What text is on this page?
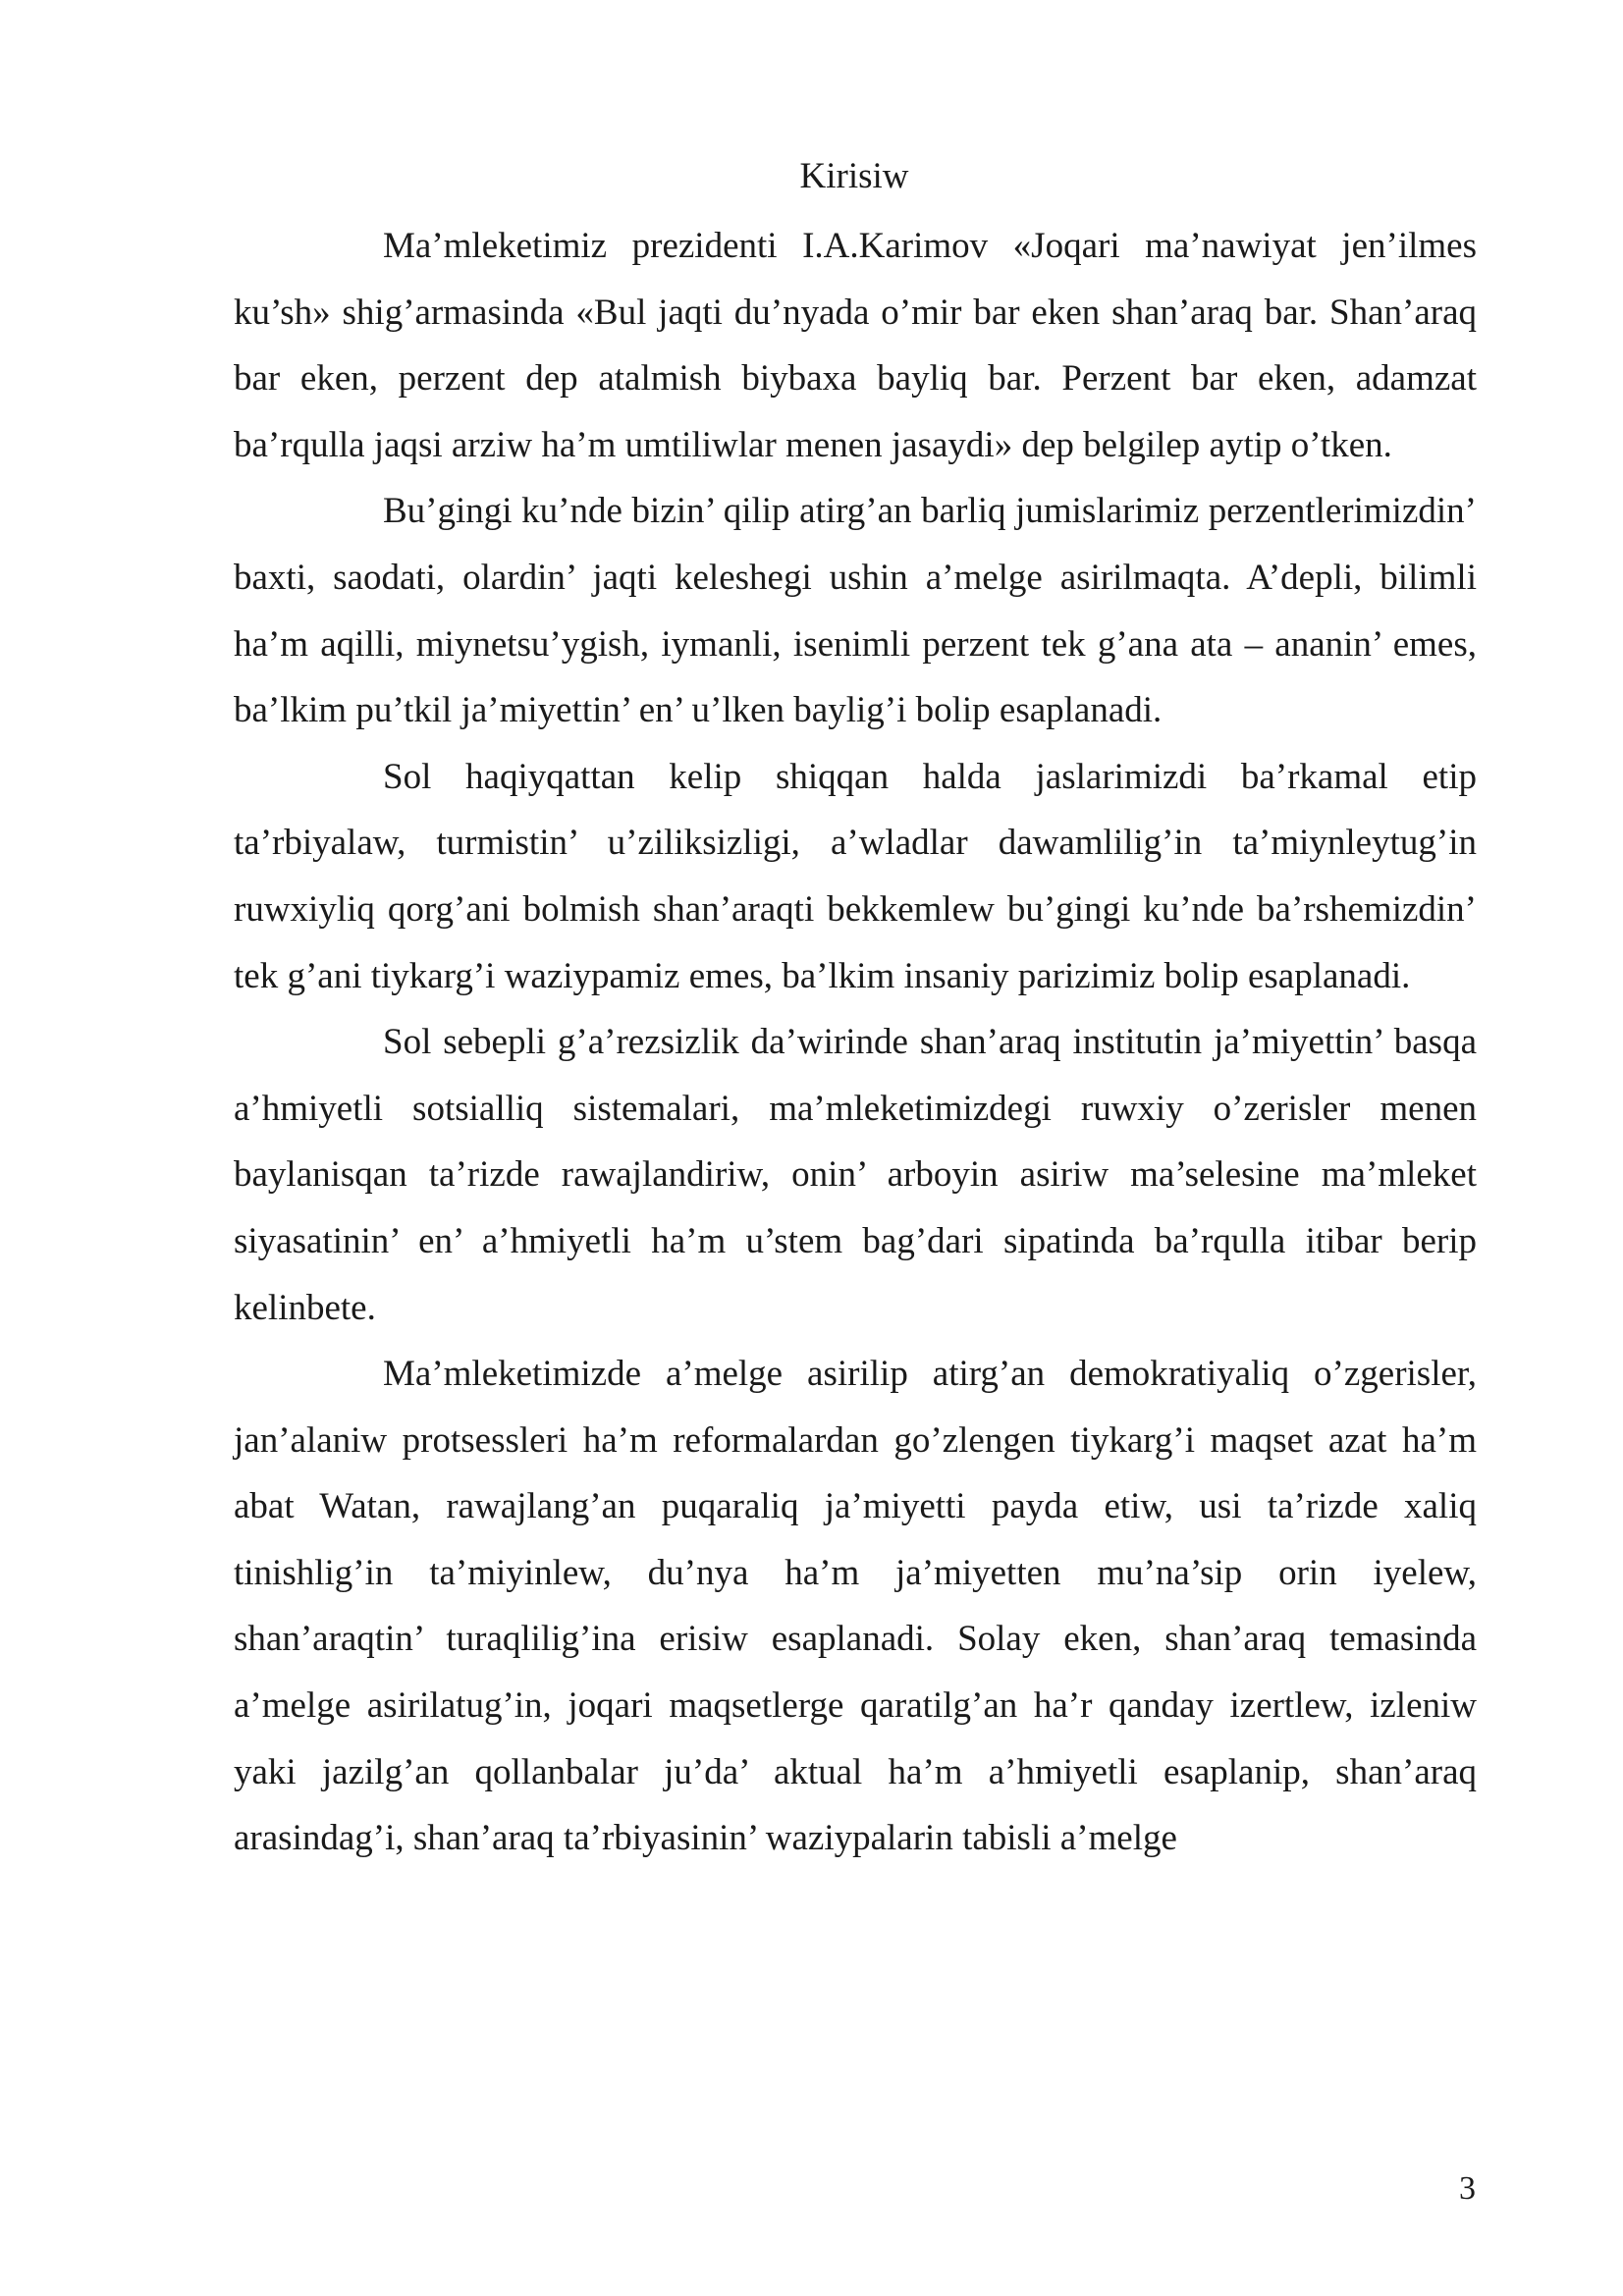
Kirisiw

Ma’mleketimiz prezidenti I.A.Karimov «Joqari ma’nawiyat jen’ilmes ku’sh» shig’armasinda «Bul jaqti du’nyada o’mir bar eken shan’araq bar. Shan’araq bar eken, perzent dep atalmish biybaxa bayliq bar. Perzent bar eken, adamzat ba’rqulla jaqsi arziw ha’m umtiliwlar menen jasaydi» dep belgilep aytip o’tken.

Bu’gingi ku’nde bizin’ qilip atirg’an barliq jumislarimiz perzentlerimizdin’ baxti, saodati, olardin’ jaqti keleshegi ushin a’melge asirilmaqta. A’depli, bilimli ha’m aqilli, miynetsu’ygish, iymanli, isenimli perzent tek g’ana ata – ananin’ emes, ba’lkim pu’tkil ja’miyettin’ en’ u’lken baylig’i bolip esaplanadi.

Sol haqiyqattan kelip shiqqan halda jaslarimizdi ba’rkamal etip ta’rbiyalaw, turmistin’ u’ziliksizligi, a’wladlar dawamlilig’in ta’miynleytug’in ruwxiyliq qorg’ani bolmish shan’araqti bekkemlew bu’gingi ku’nde ba’rshemizdin’ tek g’ani tiykarg’i waziypamiz emes, ba’lkim insaniy parizimiz bolip esaplanadi.

Sol sebepli g’a’rezsizlik da’wirinde shan’araq institutin ja’miyettin’ basqa a’hmiyetli sotsialliq sistemalari, ma’mleketimizdegi ruwxiy o’zerisler menen baylanisqan ta’rizde rawajlandiriw, onin’ arboyin asiriw ma’selesine ma’mleket siyasatinin’ en’ a’hmiyetli ha’m u’stem bag’dari sipatinda ba’rqulla itibar berip kelinbete.

Ma’mleketimizde a’melge asirilip atirg’an demokratiyaliq o’zgerisler, jan’alaniw protsessleri ha’m reformalardan go’zlengen tiykarg’i maqset azat ha’m abat Watan, rawajlang’an puqaraliq ja’miyetti payda etiw, usi ta’rizde xaliq tinishlig’in ta’miyinlew, du’nya ha’m ja’miyetten mu’na’sip orin iyelew, shan’araqtin’ turaqlilig’ina erisiw esaplanadi. Solay eken, shan’araq temasinda a’melge asirilatug’in, joqari maqsetlerge qaratilg’an ha’r qanday izertlew, izleniw yaki jazilg’an qollanbalar ju’da’ aktual ha’m a’hmiyetli esaplanip, shan’araq arasindag’i, shan’araq ta’rbiyasinin’ waziypalarin tabisli a’melge

3
